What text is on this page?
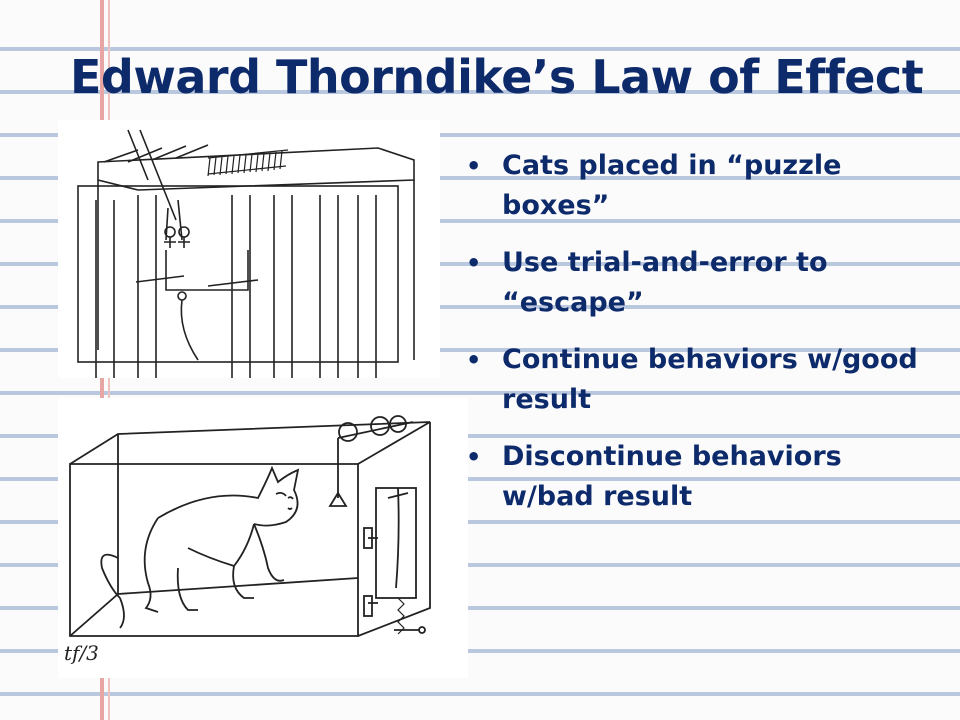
Edward Thorndike’s Law of Effect
tf/3
• Cats placed in “puzzle boxes”
• Use trial-and-error to “escape”
• Continue behaviors w/good result
• Discontinue behaviors w/bad result
